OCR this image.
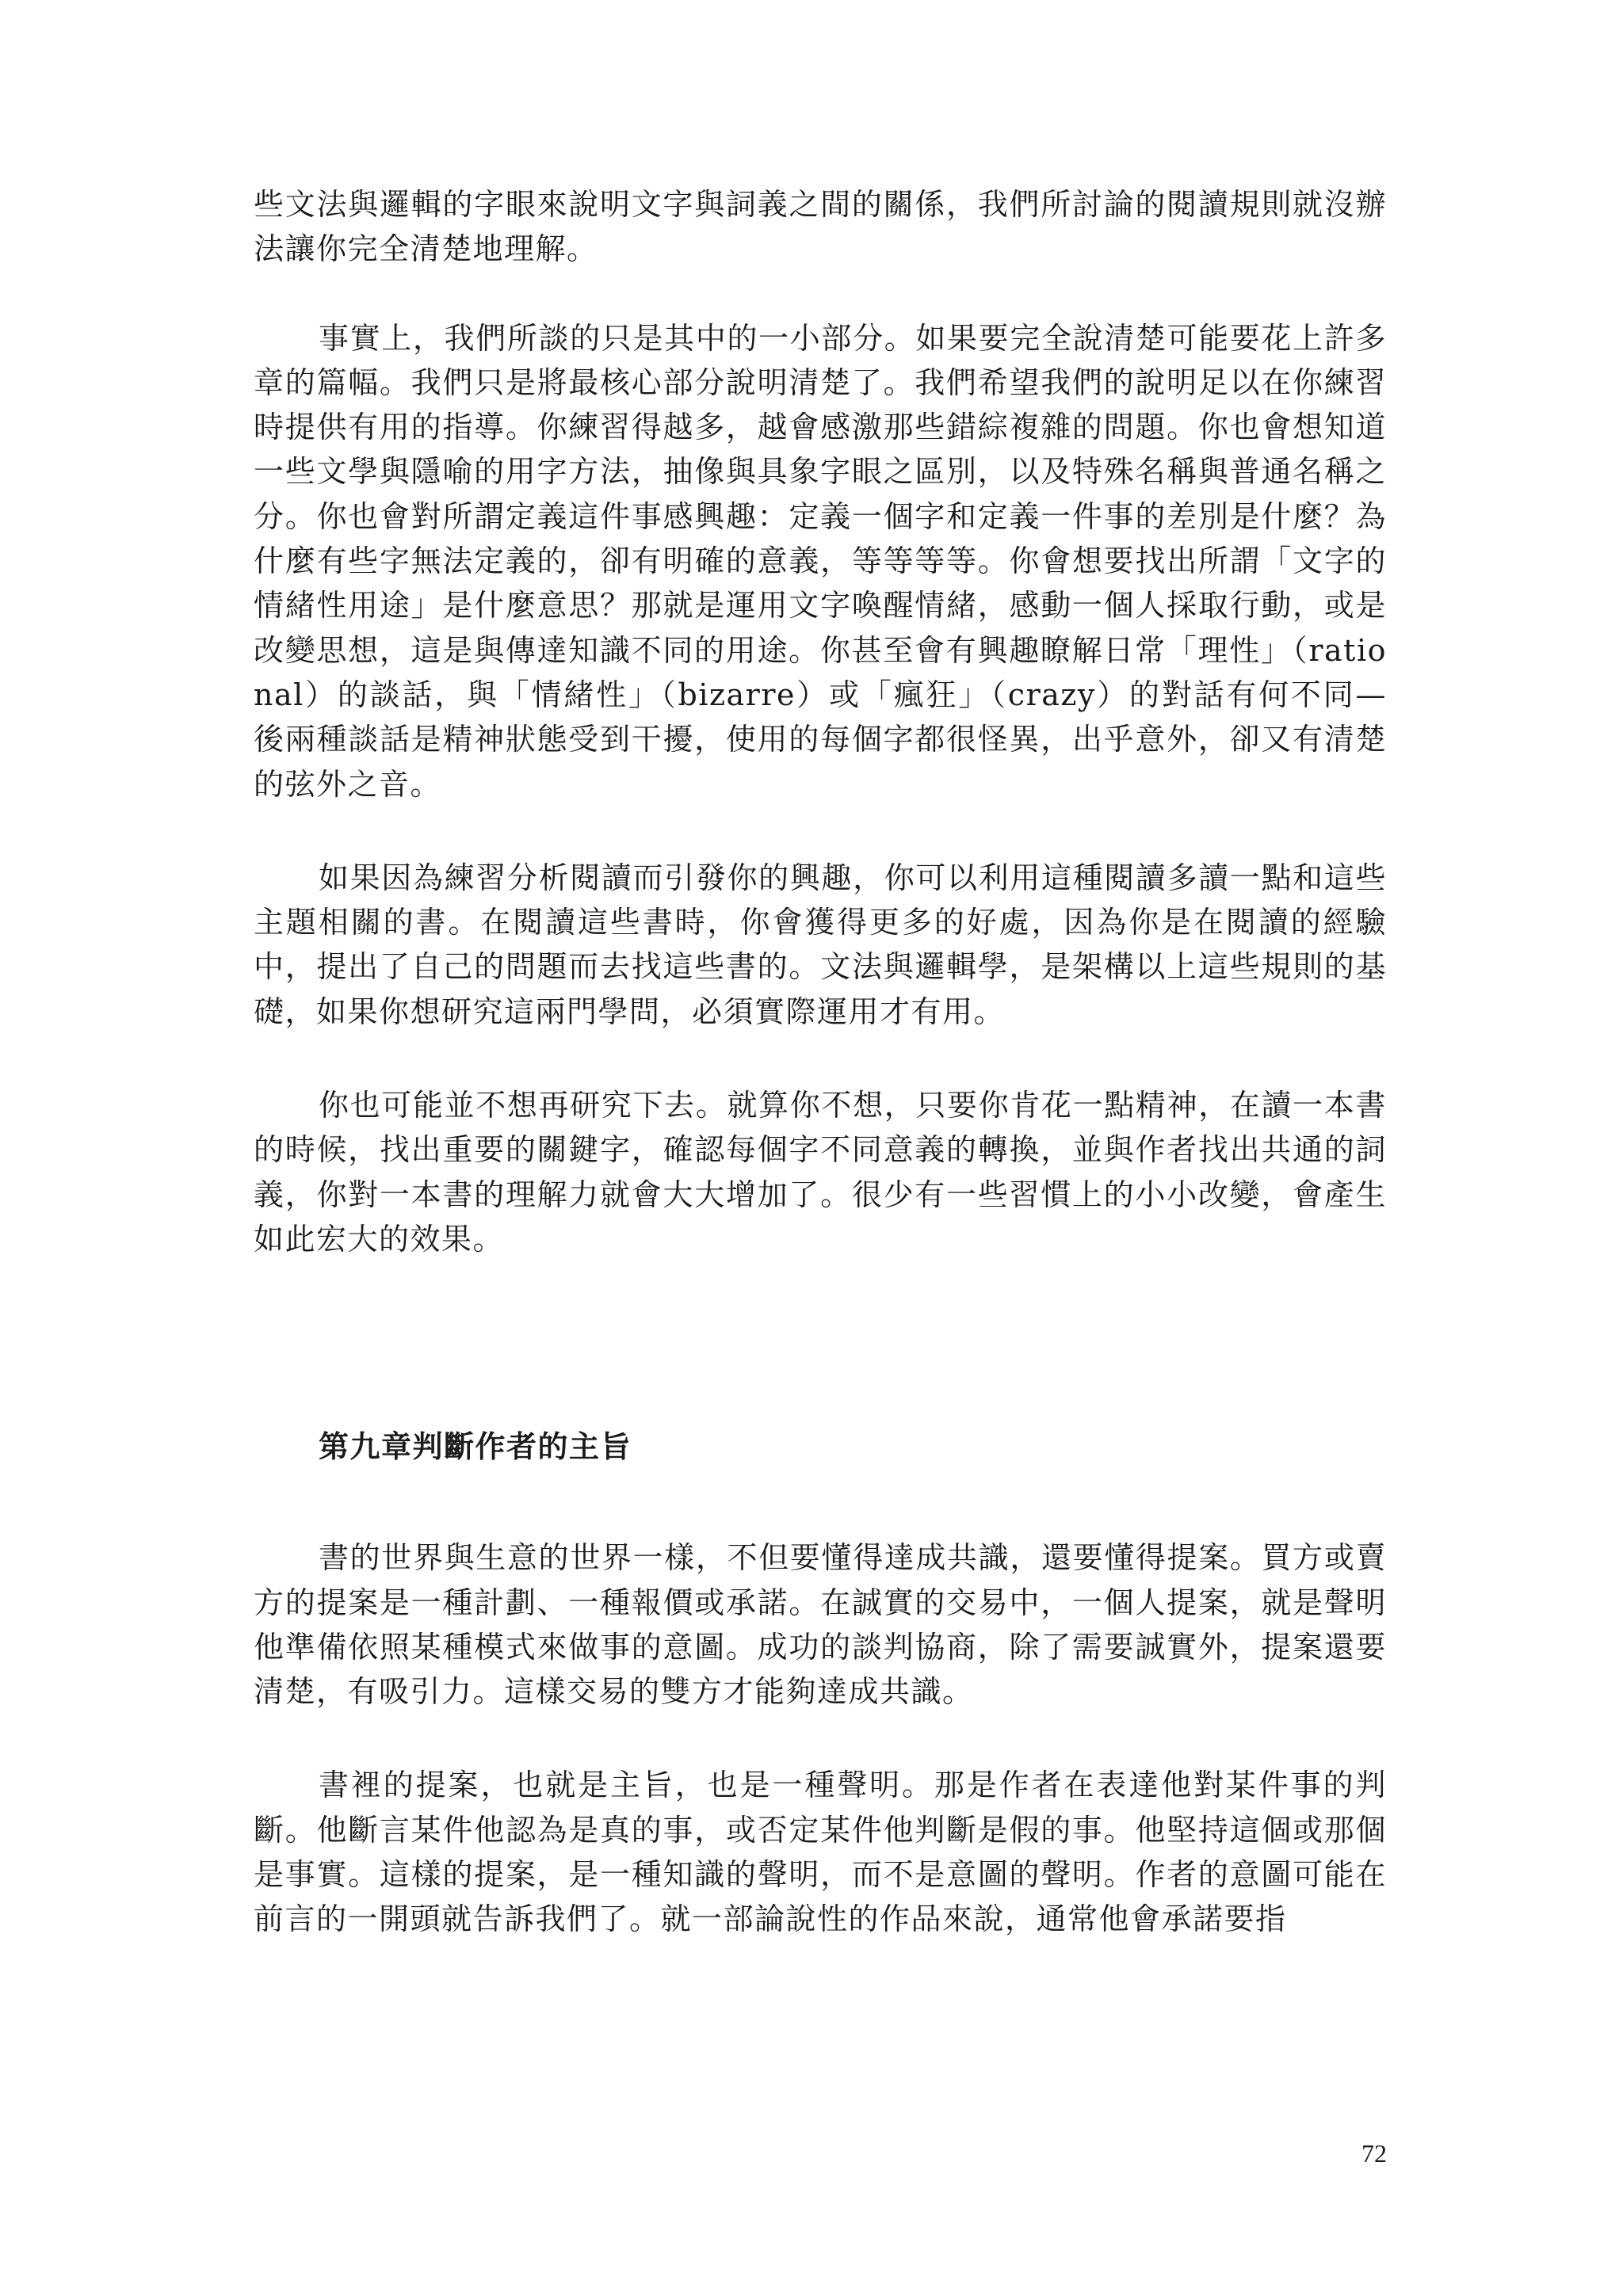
些文法與邏輯的字眼來說明文字與詞義之間的關係，我們所討論的閱讀規則就沒辦法讓你完全清楚地理解。

事實上，我們所談的只是其中的一小部分。如果要完全說清楚可能要花上許多章的篇幅。我們只是將最核心部分說明清楚了。我們希望我們的說明足以在你練習時提供有用的指導。你練習得越多，越會感激那些錯綜複雜的問題。你也會想知道一些文學與隱喻的用字方法，抽像與具象字眼之區別，以及特殊名稱與普通名稱之分。你也會對所謂定義這件事感興趣：定義一個字和定義一件事的差別是什麼？為什麼有些字無法定義的，卻有明確的意義，等等等等。你會想要找出所謂「文字的情緒性用途」是什麼意思？那就是運用文字喚醒情緒，感動一個人採取行動，或是改變思想，這是與傳達知識不同的用途。你甚至會有興趣瞭解日常「理性」（rational）的談話，與「情緒性」（bizarre）或「瘋狂」（crazy）的對話有何不同—後兩種談話是精神狀態受到干擾，使用的每個字都很怪異，出乎意外，卻又有清楚的弦外之音。

如果因為練習分析閱讀而引發你的興趣，你可以利用這種閱讀多讀一點和這些主題相關的書。在閱讀這些書時，你會獲得更多的好處，因為你是在閱讀的經驗中，提出了自己的問題而去找這些書的。文法與邏輯學，是架構以上這些規則的基礎，如果你想研究這兩門學問，必須實際運用才有用。

你也可能並不想再研究下去。就算你不想，只要你肯花一點精神，在讀一本書的時候，找出重要的關鍵字，確認每個字不同意義的轉換，並與作者找出共通的詞義，你對一本書的理解力就會大大增加了。很少有一些習慣上的小小改變，會產生如此宏大的效果。

第九章判斷作者的主旨

書的世界與生意的世界一樣，不但要懂得達成共識，還要懂得提案。買方或賣方的提案是一種計劃、一種報價或承諾。在誠實的交易中，一個人提案，就是聲明他準備依照某種模式來做事的意圖。成功的談判協商，除了需要誠實外，提案還要清楚，有吸引力。這樣交易的雙方才能夠達成共識。

書裡的提案，也就是主旨，也是一種聲明。那是作者在表達他對某件事的判斷。他斷言某件他認為是真的事，或否定某件他判斷是假的事。他堅持這個或那個是事實。這樣的提案，是一種知識的聲明，而不是意圖的聲明。作者的意圖可能在前言的一開頭就告訴我們了。就一部論說性的作品來說，通常他會承諾要指

72
